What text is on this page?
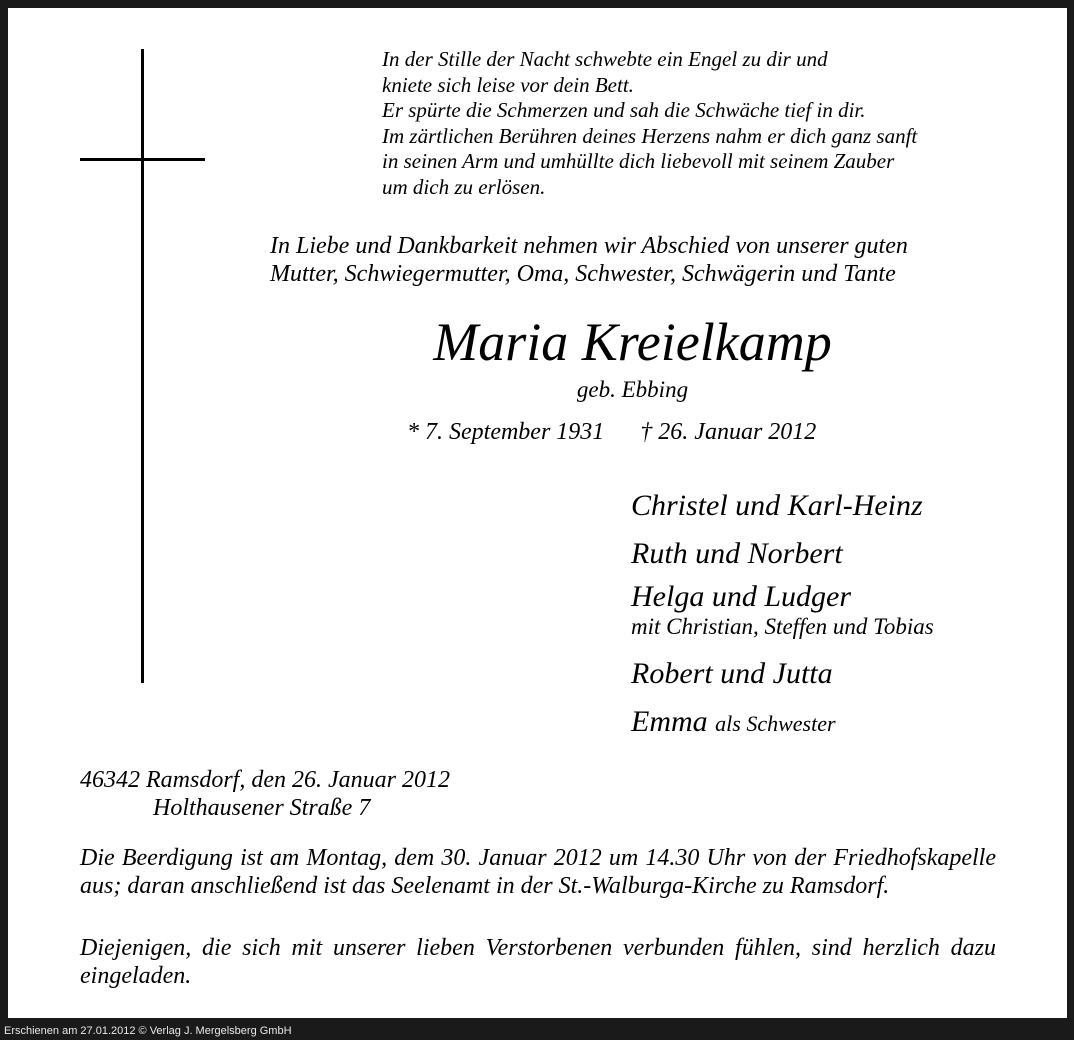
In der Stille der Nacht schwebte ein Engel zu dir und
kniete sich leise vor dein Bett.
Er spürte die Schmerzen und sah die Schwäche tief in dir.
Im zärtlichen Berühren deines Herzens nahm er dich ganz sanft
in seinen Arm und umhüllte dich liebevoll mit seinem Zauber
um dich zu erlösen.
In Liebe und Dankbarkeit nehmen wir Abschied von unserer guten
Mutter, Schwiegermutter, Oma, Schwester, Schwägerin und Tante
Maria Kreielkamp
geb. Ebbing
* 7. September 1931 † 26. Januar 2012
Christel und Karl-Heinz
Ruth und Norbert
Helga und Ludger
mit Christian, Steffen und Tobias
Robert und Jutta
Emma als Schwester
46342 Ramsdorf, den 26. Januar 2012
Holthausener Straße 7
Die Beerdigung ist am Montag, dem 30. Januar 2012 um 14.30 Uhr von der Friedhofskapelle aus; daran anschließend ist das Seelenamt in der St.-Walburga-Kirche zu Ramsdorf.
Diejenigen, die sich mit unserer lieben Verstorbenen verbunden fühlen, sind herzlich dazu eingeladen.
Erschienen am 27.01.2012 © Verlag J. Mergelsberg GmbH
